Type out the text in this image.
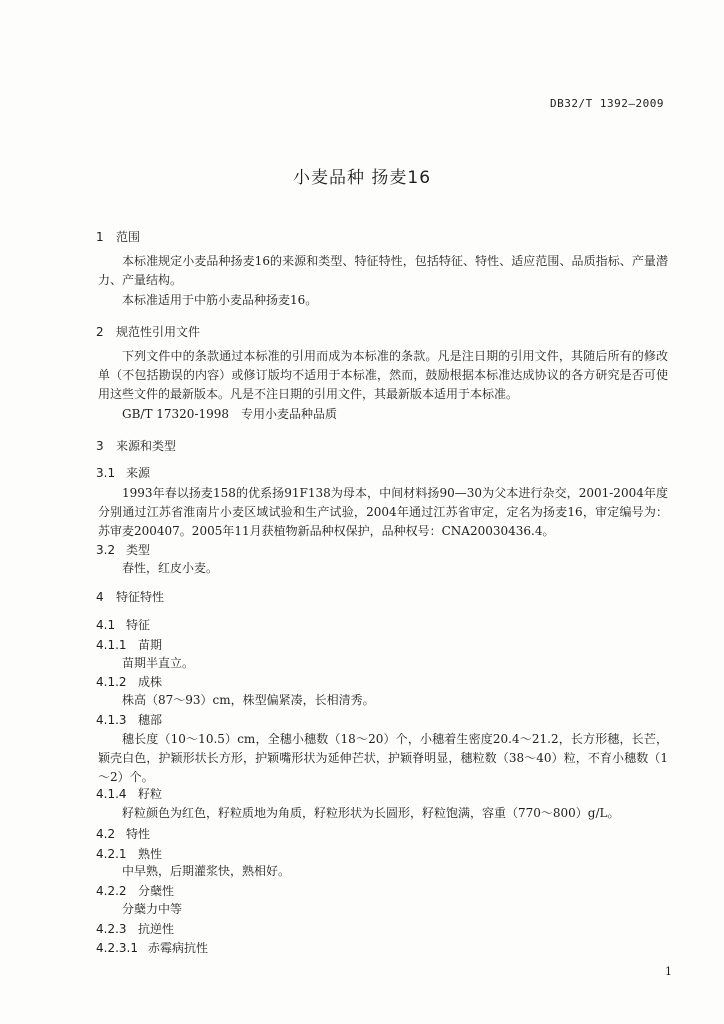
DB32/T 1392—2009
小麦品种 扬麦16
1 范围
本标准规定小麦品种扬麦16的来源和类型、特征特性，包括特征、特性、适应范围、品质指标、产量潜力、产量结构。
本标准适用于中筋小麦品种扬麦16。
2 规范性引用文件
下列文件中的条款通过本标准的引用而成为本标准的条款。凡是注日期的引用文件，其随后所有的修改单（不包括勘误的内容）或修订版均不适用于本标准，然而，鼓励根据本标准达成协议的各方研究是否可使用这些文件的最新版本。凡是不注日期的引用文件，其最新版本适用于本标准。
GB/T 17320-1998　专用小麦品种品质
3 来源和类型
3.1 来源
1993年春以扬麦158的优系扬91F138为母本，中间材料扬90—30为父本进行杂交，2001-2004年度分别通过江苏省淮南片小麦区域试验和生产试验，2004年通过江苏省审定，定名为扬麦16，审定编号为：苏审麦200407。2005年11月获植物新品种权保护，品种权号：CNA20030436.4。
3.2 类型
春性，红皮小麦。
4 特征特性
4.1 特征
4.1.1 苗期
苗期半直立。
4.1.2 成株
株高（87～93）cm，株型偏紧凑，长相清秀。
4.1.3 穗部
穗长度（10～10.5）cm，全穗小穗数（18～20）个，小穗着生密度20.4～21.2，长方形穗，长芒，颖壳白色，护颖形状长方形，护颖嘴形状为延伸芒状，护颖脊明显，穗粒数（38～40）粒，不育小穗数（1～2）个。
4.1.4 籽粒
籽粒颜色为红色，籽粒质地为角质，籽粒形状为长圆形，籽粒饱满，容重（770～800）g/L。
4.2 特性
4.2.1 熟性
中早熟，后期灌浆快，熟相好。
4.2.2 分蘖性
分蘖力中等
4.2.3 抗逆性
4.2.3.1 赤霉病抗性
1
